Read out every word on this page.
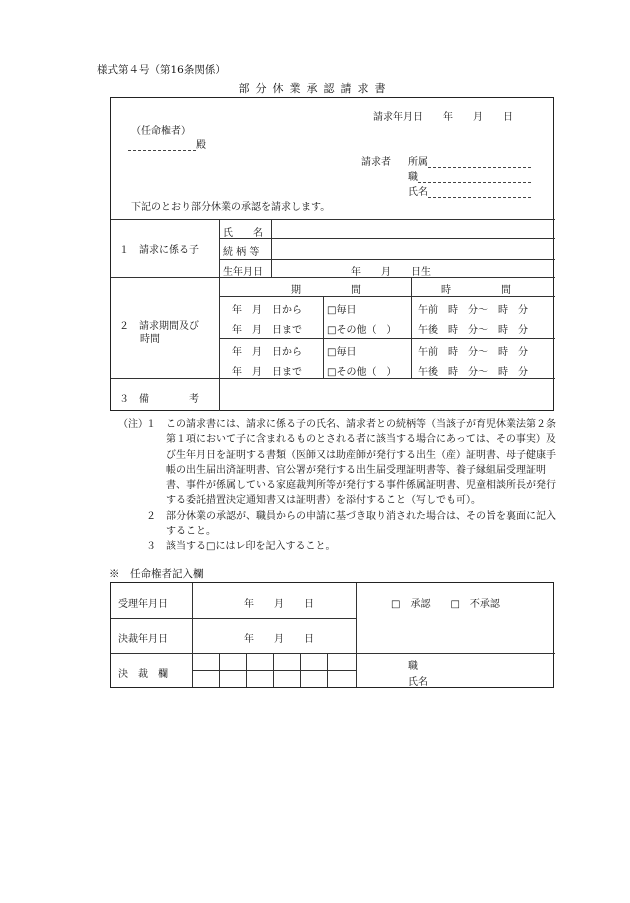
様式第４号（第16条関係）
部分休業承認請求書
請求年月日　　年　　月　　日
（任命権者）
殿
請求者 所属
職
氏名
下記のとおり部分休業の承認を請求します。
１　請求に係る子
氏　　名
続 柄 等
生年月日	年　　月　　日生
２　請求期間及び
時間
期　　　　　間	時　　　　　間
年　月　日から	□毎日	午前　時　分〜　時　分
年　月　日まで	□その他（　） 午後　時　分〜　時　分
年　月　日から	□毎日	午前　時　分〜　時　分
年　月　日まで	□その他（　） 午後　時　分〜　時　分
３　備　　　　考
（注）
１	この請求書には、請求に係る子の氏名、請求者との続柄等（当該子が育児休業法第２条第１項において子に含まれるものとされる者に該当する場合にあっては、その事実）及び生年月日を証明する書類（医師又は助産師が発行する出生（産）証明書、母子健康手帳の出生届出済証明書、官公署が発行する出生届受理証明書等、養子縁組届受理証明書、事件が係属している家庭裁判所等が発行する事件係属証明書、児童相談所長が発行する委託措置決定通知書又は証明書）を添付すること（写しでも可）。
２	部分休業の承認が、職員からの申請に基づき取り消された場合は、その旨を裏面に記入すること。
３	該当する□にはレ印を記入すること。
※　任命権者記入欄
受理年月日	年　　月　　日
決裁年月日	年　　月　　日
□　承認　　□　不承認
決　裁　欄
職
氏名
